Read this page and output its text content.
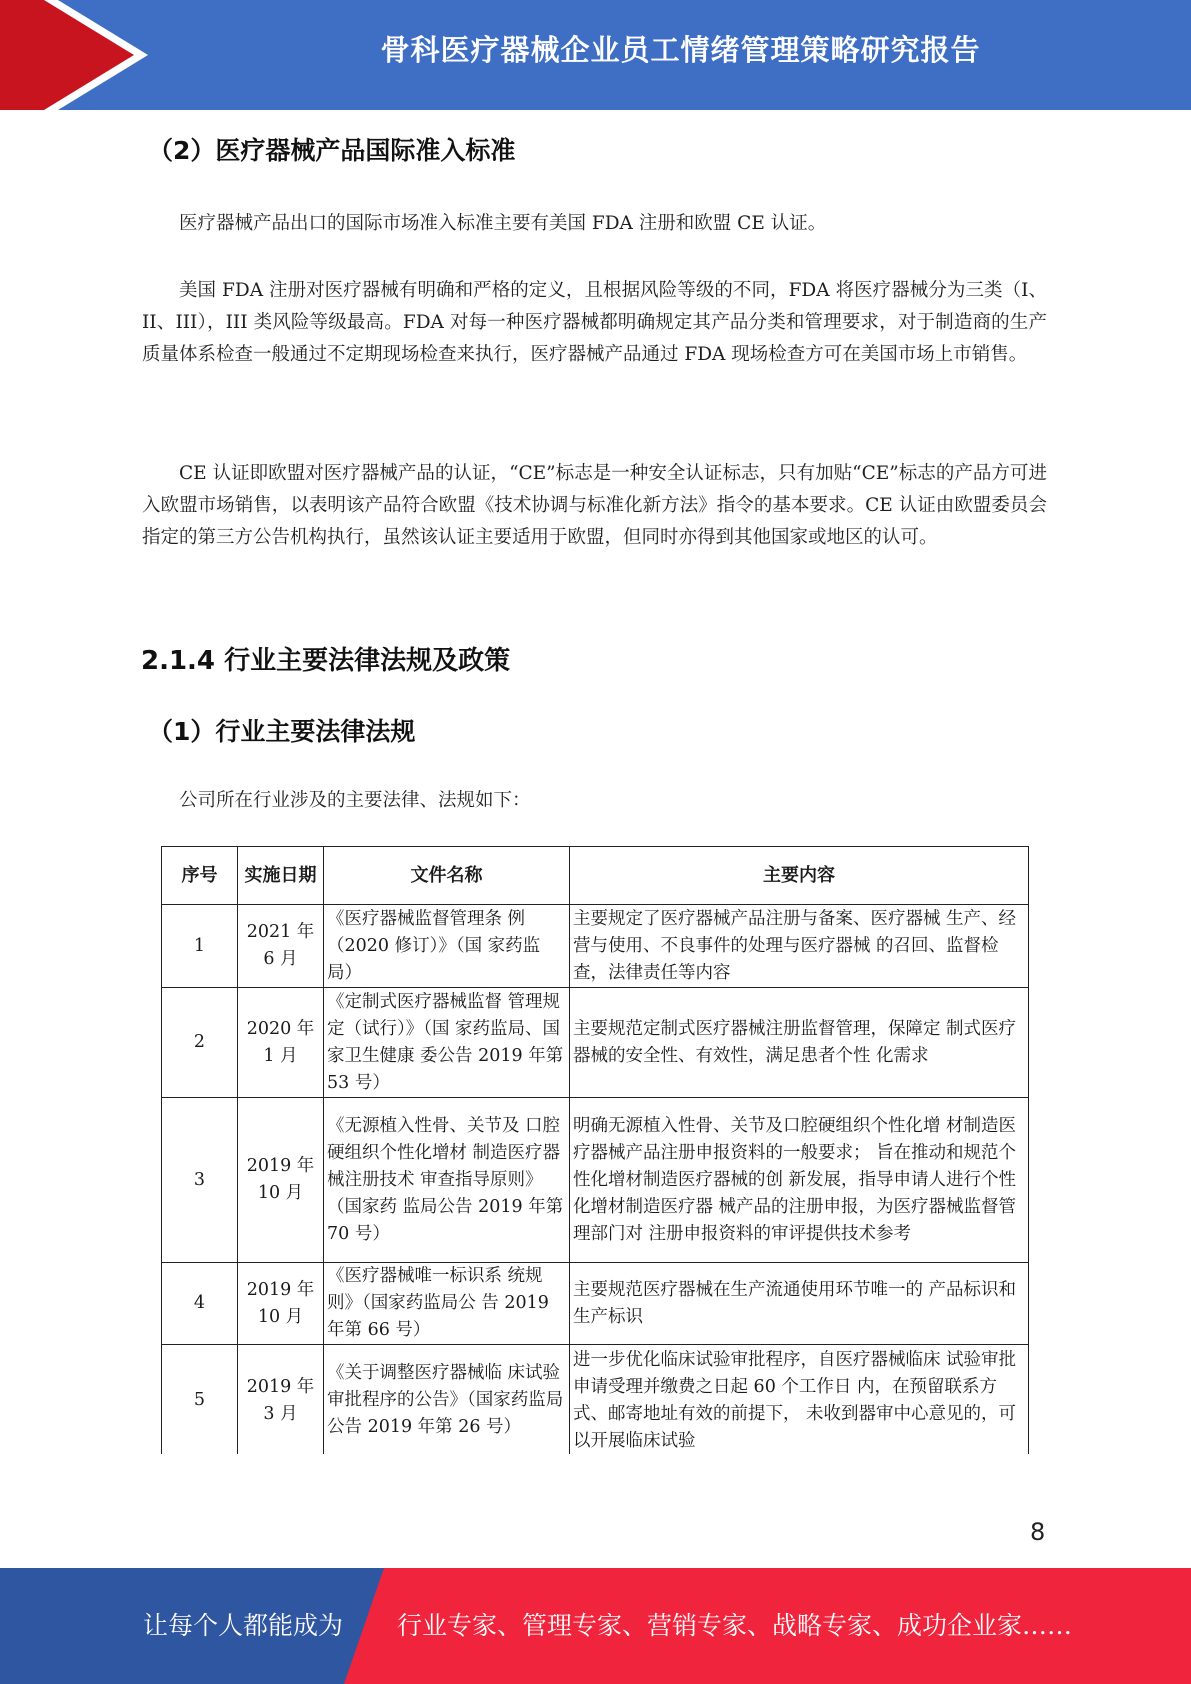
骨科医疗器械企业员工情绪管理策略研究报告
（2）医疗器械产品国际准入标准

医疗器械产品出口的国际市场准入标准主要有美国 FDA 注册和欧盟 CE 认证。

美国 FDA 注册对医疗器械有明确和严格的定义，且根据风险等级的不同，FDA 将医疗器械分为三类（I、II、III），III 类风险等级最高。FDA 对每一种医疗器械都明确规定其产品分类和管理要求，对于制造商的生产质量体系检查一般通过不定期现场检查来执行，医疗器械产品通过 FDA 现场检查方可在美国市场上市销售。

CE 认证即欧盟对医疗器械产品的认证，“CE”标志是一种安全认证标志，只有加贴“CE”标志的产品方可进入欧盟市场销售，以表明该产品符合欧盟《技术协调与标准化新方法》指令的基本要求。CE 认证由欧盟委员会指定的第三方公告机构执行，虽然该认证主要适用于欧盟，但同时亦得到其他国家或地区的认可。

2.1.4 行业主要法律法规及政策
（1）行业主要法律法规

公司所在行业涉及的主要法律、法规如下：

序号	实施日期	文件名称	主要内容
1	2021 年 6 月	《医疗器械监督管理条 例（2020 修订）》（国 家药监局）	主要规定了医疗器械产品注册与备案、医疗器械 生产、经营与使用、不良事件的处理与医疗器械 的召回、监督检查，法律责任等内容
2	2020 年 1 月	《定制式医疗器械监督 管理规定（试行）》（国 家药监局、国家卫生健康 委公告 2019 年第 53 号）	主要规范定制式医疗器械注册监督管理，保障定 制式医疗器械的安全性、有效性，满足患者个性 化需求
3	2019 年 10 月	《无源植入性骨、关节及 口腔硬组织个性化增材 制造医疗器械注册技术 审查指导原则》（国家药 监局公告 2019 年第 70 号）	明确无源植入性骨、关节及口腔硬组织个性化增 材制造医疗器械产品注册申报资料的一般要求； 旨在推动和规范个性化增材制造医疗器械的创 新发展，指导申请人进行个性化增材制造医疗器 械产品的注册申报，为医疗器械监督管理部门对 注册申报资料的审评提供技术参考
4	2019 年 10 月	《医疗器械唯一标识系 统规则》（国家药监局公 告 2019 年第 66 号）	主要规范医疗器械在生产流通使用环节唯一的 产品标识和生产标识
5	2019 年 3 月	《关于调整医疗器械临 床试验审批程序的公告》（国家药监局公告 2019 年第 26 号）	进一步优化临床试验审批程序，自医疗器械临床 试验审批申请受理并缴费之日起 60 个工作日 内，在预留联系方式、邮寄地址有效的前提下， 未收到器审中心意见的，可以开展临床试验
8
让每个人都能成为 行业专家、管理专家、营销专家、战略专家、成功企业家……
